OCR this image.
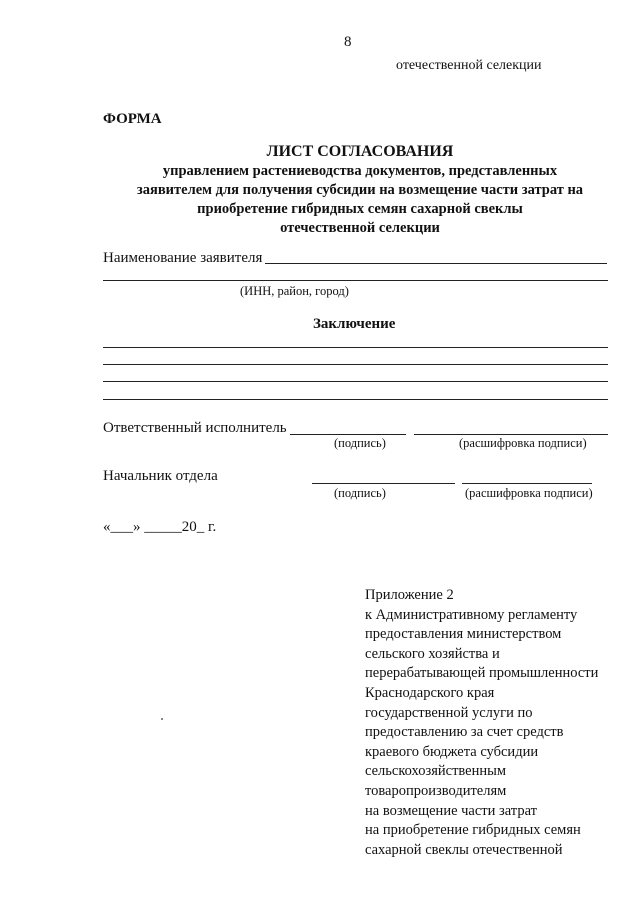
8
отечественной селекции
ФОРМА
ЛИСТ СОГЛАСОВАНИЯ
управлением растениеводства документов, представленных
заявителем для получения субсидии на возмещение части затрат на
приобретение гибридных семян сахарной свеклы
отечественной селекции
Наименование заявителя
(ИНН, район, город)
Заключение
Ответственный исполнитель
(подпись)	(расшифровка подписи)
Начальник отдела
(подпись)	(расшифровка подписи)
«___» _____20_ г.
Приложение 2
к Административному регламенту
предоставления министерством
сельского хозяйства и
перерабатывающей промышленности
Краснодарского края
государственной услуги по
предоставлению за счет средств
краевого бюджета субсидии
сельскохозяйственным
товаропроизводителям
на возмещение части затрат
на приобретение гибридных семян
сахарной свеклы отечественной
